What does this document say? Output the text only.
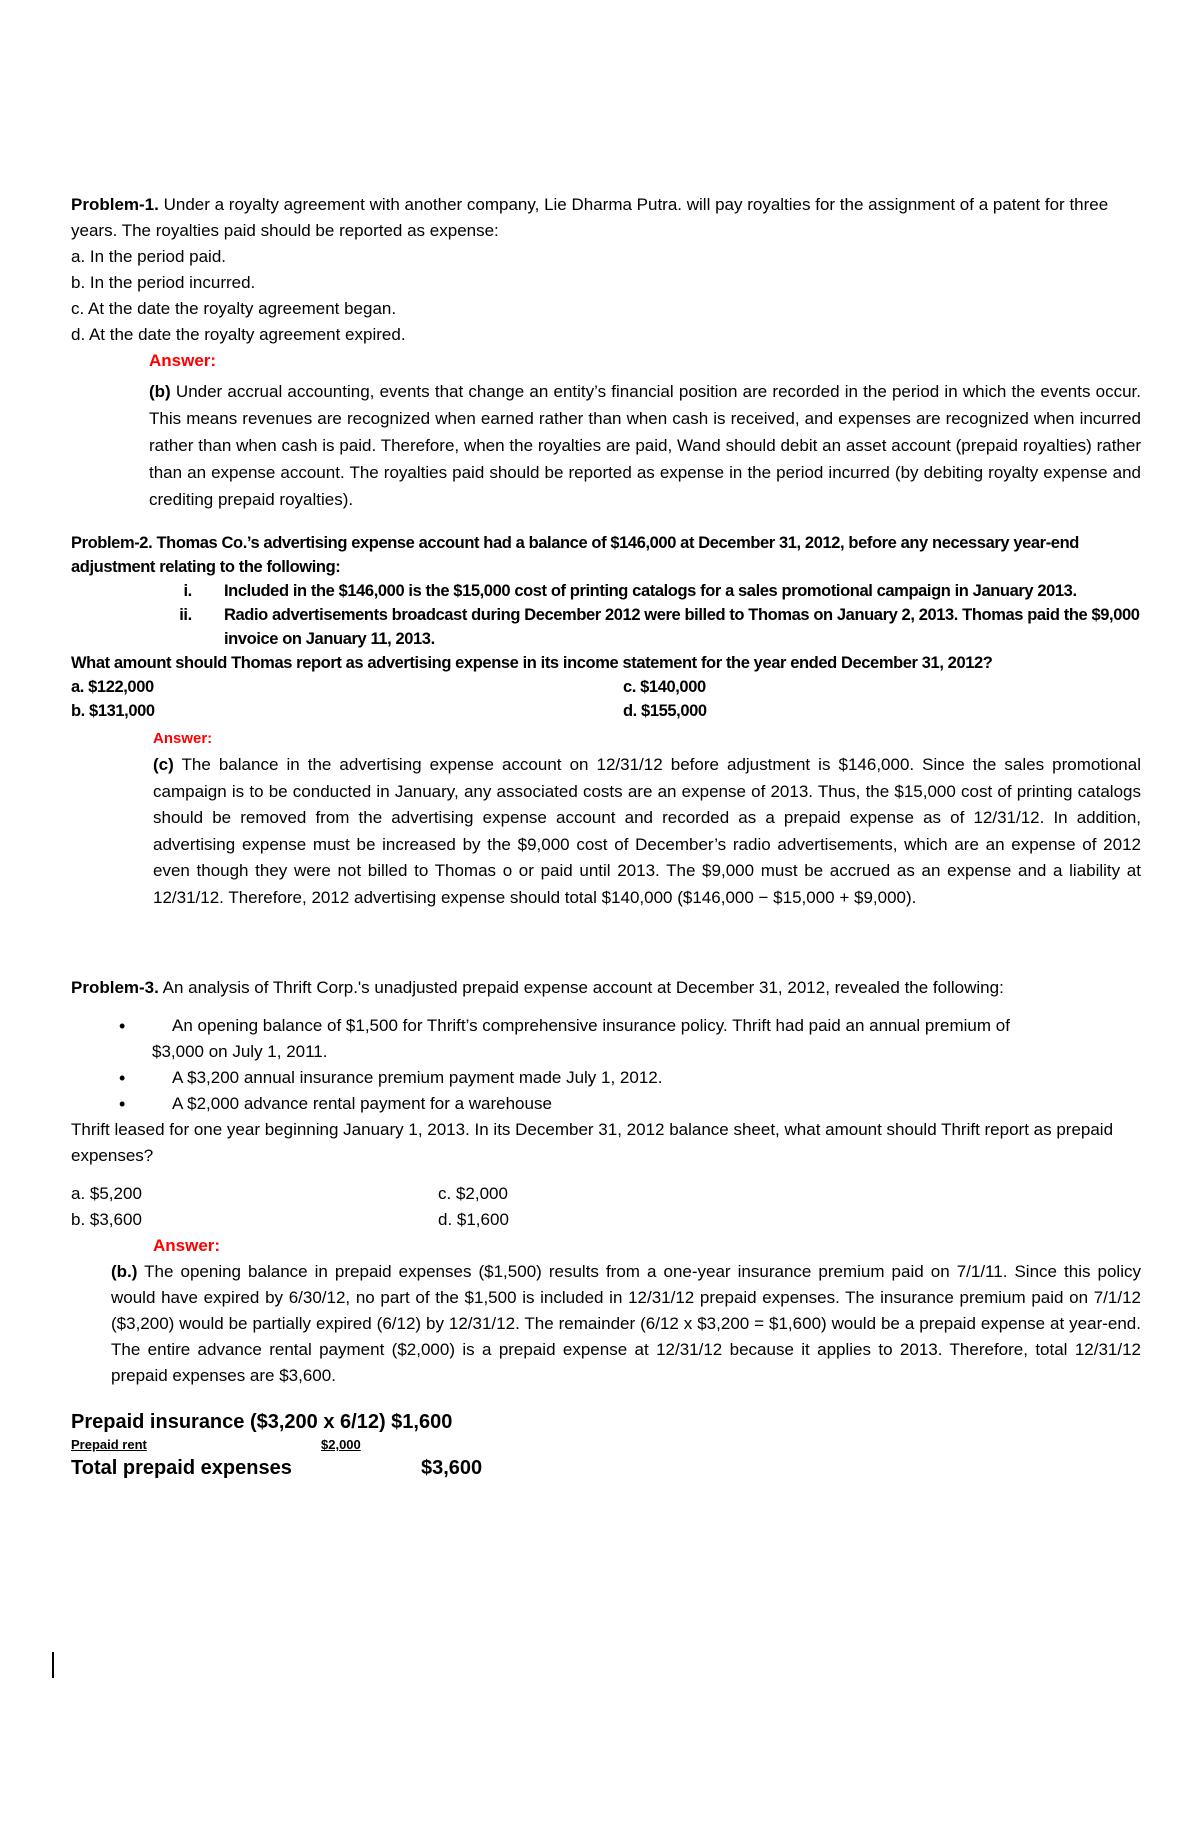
Problem-1. Under a royalty agreement with another company, Lie Dharma Putra. will pay royalties for the assignment of a patent for three years. The royalties paid should be reported as expense:

a. In the period paid.

b. In the period incurred.

c. At the date the royalty agreement began.

d. At the date the royalty agreement expired.

Answer:

(b) Under accrual accounting, events that change an entity’s financial position are recorded in the period in which the events occur. This means revenues are recognized when earned rather than when cash is received, and expenses are recognized when incurred rather than when cash is paid. Therefore, when the royalties are paid, Wand should debit an asset account (prepaid royalties) rather than an expense account. The royalties paid should be reported as expense in the period incurred (by debiting royalty expense and crediting prepaid royalties).

Problem-2. Thomas Co.’s advertising expense account had a balance of $146,000 at December 31, 2012, before any necessary year-end adjustment relating to the following:

i. Included in the $146,000 is the $15,000 cost of printing catalogs for a sales promotional campaign in January 2013.
ii. Radio advertisements broadcast during December 2012 were billed to Thomas on January 2, 2013. Thomas paid the $9,000 invoice on January 11, 2013.

What amount should Thomas report as advertising expense in its income statement for the year ended December 31, 2012?

a. $122,000	c. $140,000
b. $131,000	d. $155,000

Answer:

(c) The balance in the advertising expense account on 12/31/12 before adjustment is $146,000. Since the sales promotional campaign is to be conducted in January, any associated costs are an expense of 2013. Thus, the $15,000 cost of printing catalogs should be removed from the advertising expense account and recorded as a prepaid expense as of 12/31/12. In addition, advertising expense must be increased by the $9,000 cost of December’s radio advertisements, which are an expense of 2012 even though they were not billed to Thomas o or paid until 2013. The $9,000 must be accrued as an expense and a liability at 12/31/12. Therefore, 2012 advertising expense should total $140,000 ($146,000 − $15,000 + $9,000).

Problem-3. An analysis of Thrift Corp.'s unadjusted prepaid expense account at December 31, 2012, revealed the following:

•	An opening balance of $1,500 for Thrift’s comprehensive insurance policy. Thrift had paid an annual premium of
$3,000 on July 1, 2011.
•	A $3,200 annual insurance premium payment made July 1, 2012.
•	A $2,000 advance rental payment for a warehouse

Thrift leased for one year beginning January 1, 2013. In its December 31, 2012 balance sheet, what amount should Thrift report as prepaid expenses?

a. $5,200	c. $2,000
b. $3,600	d. $1,600

Answer:

(b.) The opening balance in prepaid expenses ($1,500) results from a one-year insurance premium paid on 7/1/11. Since this policy would have expired by 6/30/12, no part of the $1,500 is included in 12/31/12 prepaid expenses. The insurance premium paid on 7/1/12 ($3,200) would be partially expired (6/12) by 12/31/12. The remainder (6/12 x $3,200 = $1,600) would be a prepaid expense at year-end. The entire advance rental payment ($2,000) is a prepaid expense at 12/31/12 because it applies to 2013. Therefore, total 12/31/12 prepaid expenses are $3,600.

Prepaid insurance ($3,200 x 6/12) $1,600

Prepaid rent	$2,000
Total prepaid expenses	$3,600
